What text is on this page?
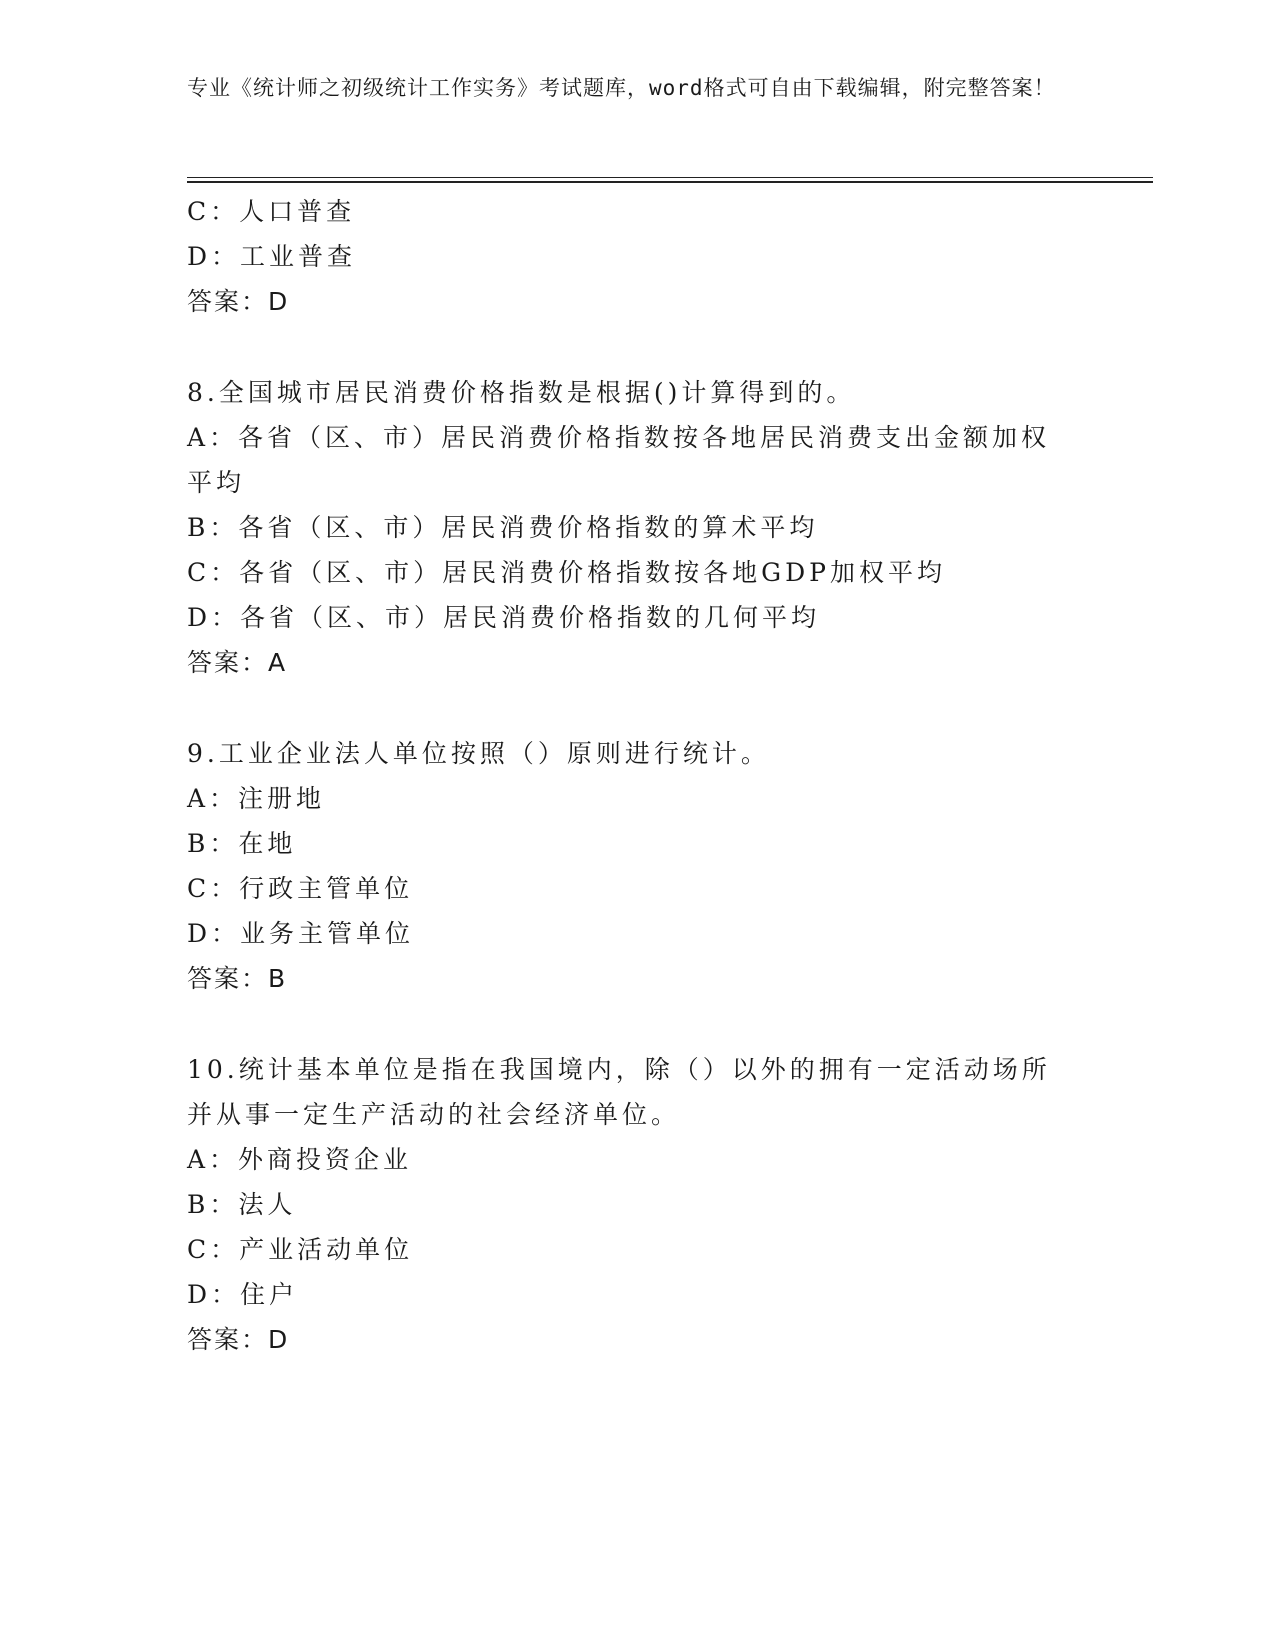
专业《统计师之初级统计工作实务》考试题库，word格式可自由下载编辑，附完整答案！
C：人口普查
D：工业普查
答案：D
8.全国城市居民消费价格指数是根据()计算得到的。
A：各省（区、市）居民消费价格指数按各地居民消费支出金额加权平均
B：各省（区、市）居民消费价格指数的算术平均
C：各省（区、市）居民消费价格指数按各地GDP加权平均
D：各省（区、市）居民消费价格指数的几何平均
答案：A
9.工业企业法人单位按照（）原则进行统计。
A：注册地
B：在地
C：行政主管单位
D：业务主管单位
答案：B
10.统计基本单位是指在我国境内，除（）以外的拥有一定活动场所并从事一定生产活动的社会经济单位。
A：外商投资企业
B：法人
C：产业活动单位
D：住户
答案：D
